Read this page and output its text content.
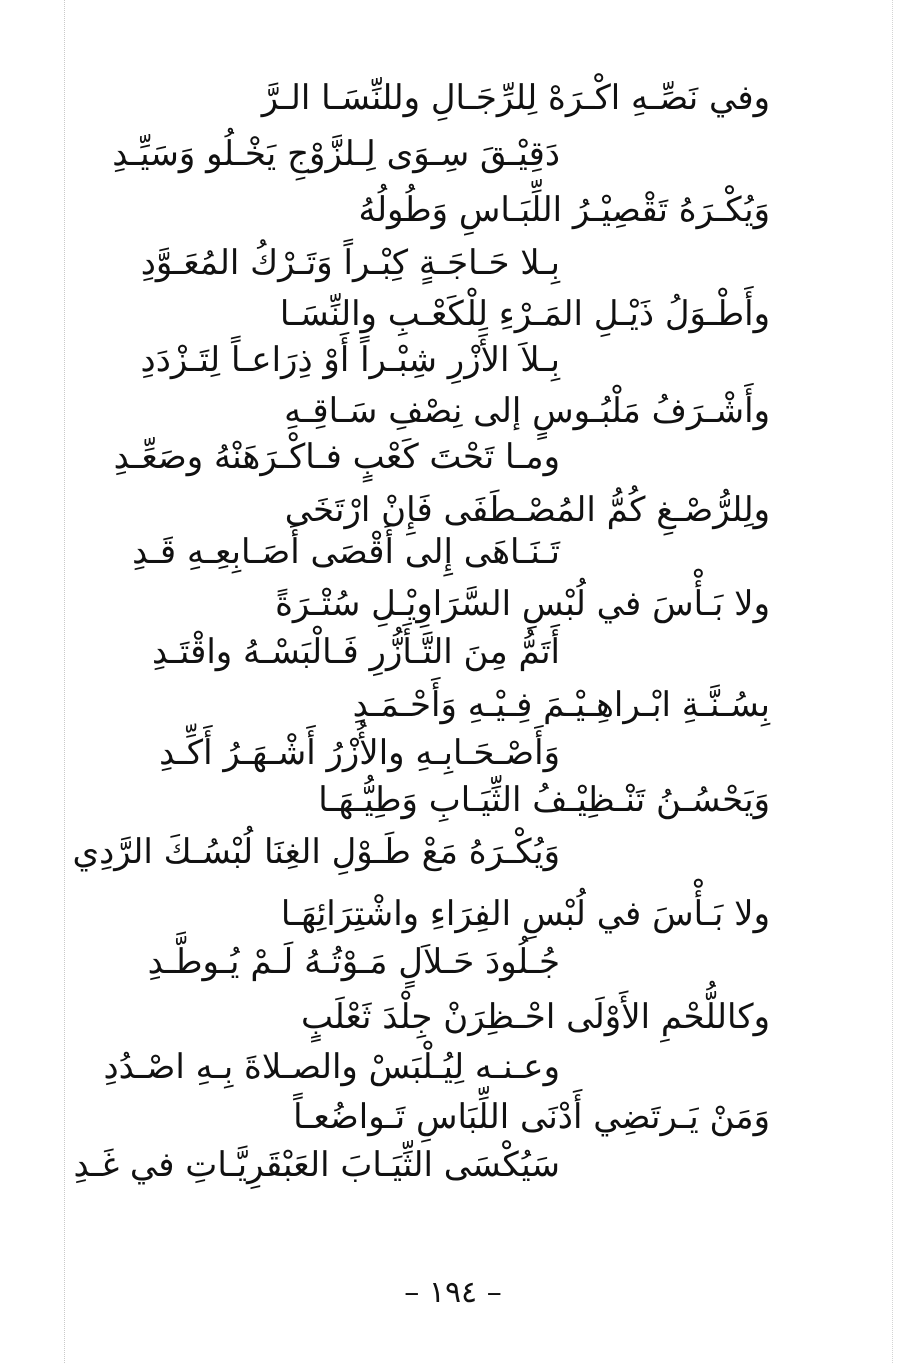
وفي نَصِّـهِ اكْـرَهْ لِلرِّجَـالِ وللنِّسَـا الـرَّ

دَقِيْـقَ سِـوَى لِـلزَّوْجِ يَخْـلُو وَسَيِّـدِ

وَيُكْـرَهُ تَقْصِيْـرُ اللِّبَـاسِ وَطُولُهُ

بِـلا حَـاجَـةٍ كِبْـراً وَتَـرْكُ المُعَـوَّدِ

وأَطْـوَلُ ذَيْـلِ المَـرْءِ لِلْكَعْـبِ والنِّسَـا

بِـلاَ الأَزْرِ شِبْـراً أَوْ ذِرَاعـاً لِتَـزْدَدِ

وأَشْـرَفُ مَلْبُـوسٍ إلى نِصْفِ سَـاقِـهِ

ومـا تَحْتَ كَعْبٍ فـاكْـرَهَنْهُ وصَعِّـدِ

ولِلرُّصْـغِ كُمُّ المُصْـطَفَى فَإِنْ ارْتَخَى

تَـنَـاهَى إِلى أَقْصَى أَصَـابِعِـهِ قَـدِ

ولا بَـأْسَ في لُبْسِ السَّرَاوِيْـلِ سُتْـرَةً

أَتَمُّ مِنَ التَّـأَزُّرِ فَـالْبَسْـهُ واقْتَـدِ

بِسُـنَّـةِ ابْـراهِـيْـمَ فِـيْـهِ وَأَحْـمَـدِ

وَأَصْـحَـابِـهِ والأُزْرُ أَشْـهَـرُ أَكِّـدِ

وَيَحْسُـنُ تَنْـظِيْـفُ الثِّيَـابِ وَطِيُّـهَـا

وَيُكْـرَهُ مَعْ طَـوْلِ الغِنَا لُبْسُـكَ الرَّدِي

ولا بَـأْسَ في لُبْسِ الفِرَاءِ واشْتِرَائِهَـا

جُـلُودَ حَـلاَلٍ مَـوْتُـهُ لَـمْ يُـوطَّـدِ

وكاللُّحْمِ الأَوْلَى احْـظِرَنْ جِلْدَ ثَعْلَبٍ

وعـنـه لِيُـلْبَسْ والصـلاةَ بِـهِ اصْـدُدِ

وَمَنْ يَـرتَضِي أَدْنَى اللِّبَاسِ تَـواضُعـاً

سَيُكْسَى الثِّيَـابَ العَبْقَرِيَّـاتِ في غَـدِ

– ١٩٤ –
